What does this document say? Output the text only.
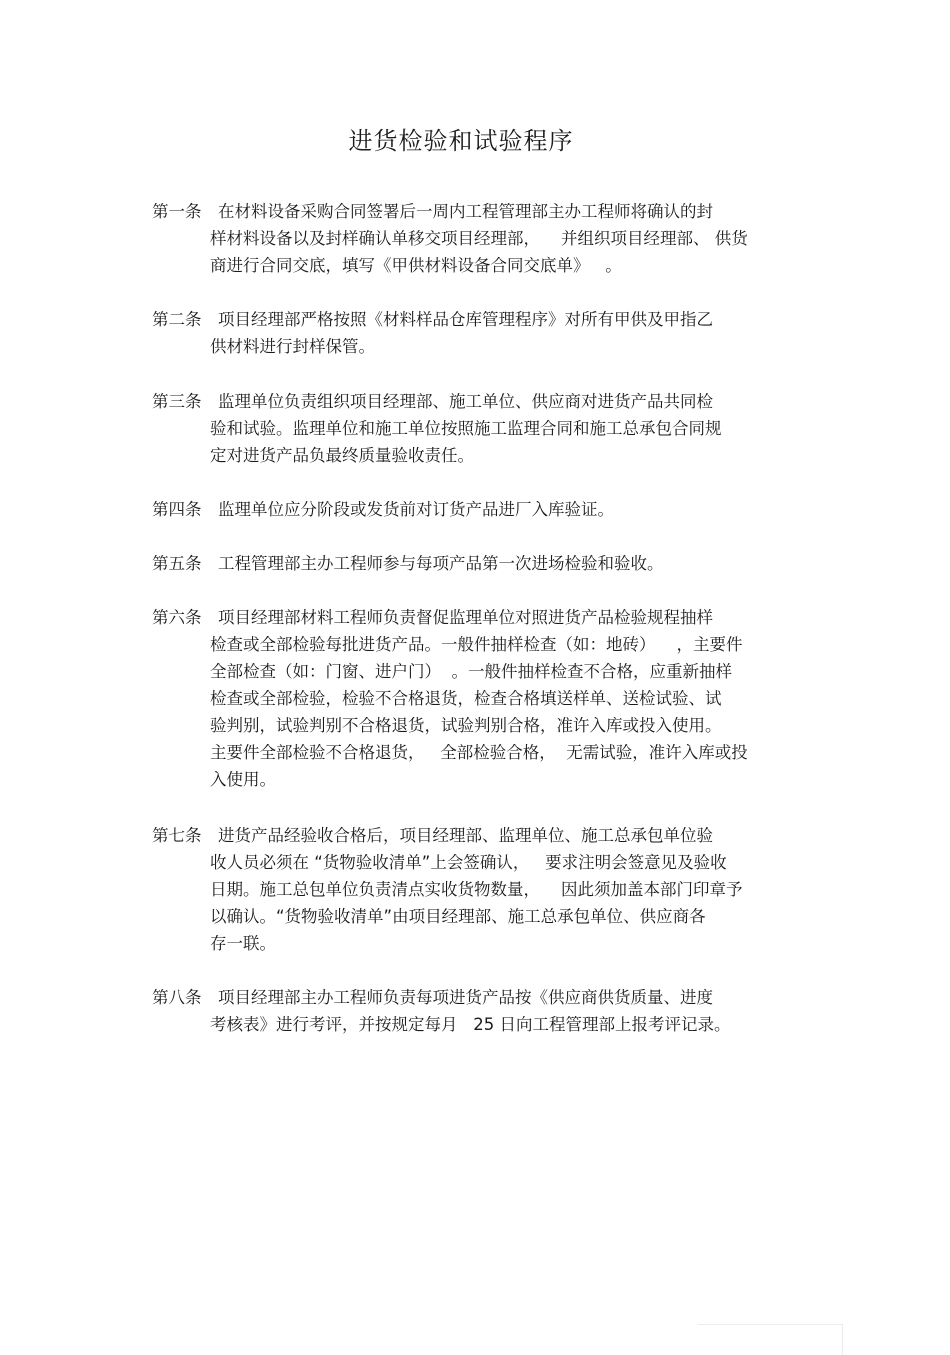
进货检验和试验程序
第一条 在材料设备采购合同签署后一周内工程管理部主办工程师将确认的封
样材料设备以及封样确认单移交项目经理部，    并组织项目经理部、 供货
商进行合同交底，填写《甲供材料设备合同交底单》   。
第二条 项目经理部严格按照《材料样品仓库管理程序》对所有甲供及甲指乙
供材料进行封样保管。
第三条 监理单位负责组织项目经理部、施工单位、供应商对进货产品共同检
验和试验。监理单位和施工单位按照施工监理合同和施工总承包合同规
定对进货产品负最终质量验收责任。
第四条 监理单位应分阶段或发货前对订货产品进厂入库验证。
第五条 工程管理部主办工程师参与每项产品第一次进场检验和验收。
第六条 项目经理部材料工程师负责督促监理单位对照进货产品检验规程抽样
检查或全部检验每批进货产品。一般件抽样检查（如：地砖）    ，主要件
全部检查（如：门窗、进户门）  。一般件抽样检查不合格，应重新抽样
检查或全部检验，检验不合格退货，检查合格填送样单、送检试验、试
验判别，试验判别不合格退货，试验判别合格，准许入库或投入使用。
主要件全部检验不合格退货，   全部检验合格，  无需试验，准许入库或投
入使用。
第七条 进货产品经验收合格后，项目经理部、监理单位、施工总承包单位验
收人员必须在 “货物验收清单”上会签确认，   要求注明会签意见及验收
日期。施工总包单位负责清点实收货物数量，    因此须加盖本部门印章予
以确认。“货物验收清单”由项目经理部、施工总承包单位、供应商各
存一联。
第八条 项目经理部主办工程师负责每项进货产品按《供应商供货质量、进度
考核表》进行考评，并按规定每月   25 日向工程管理部上报考评记录。
